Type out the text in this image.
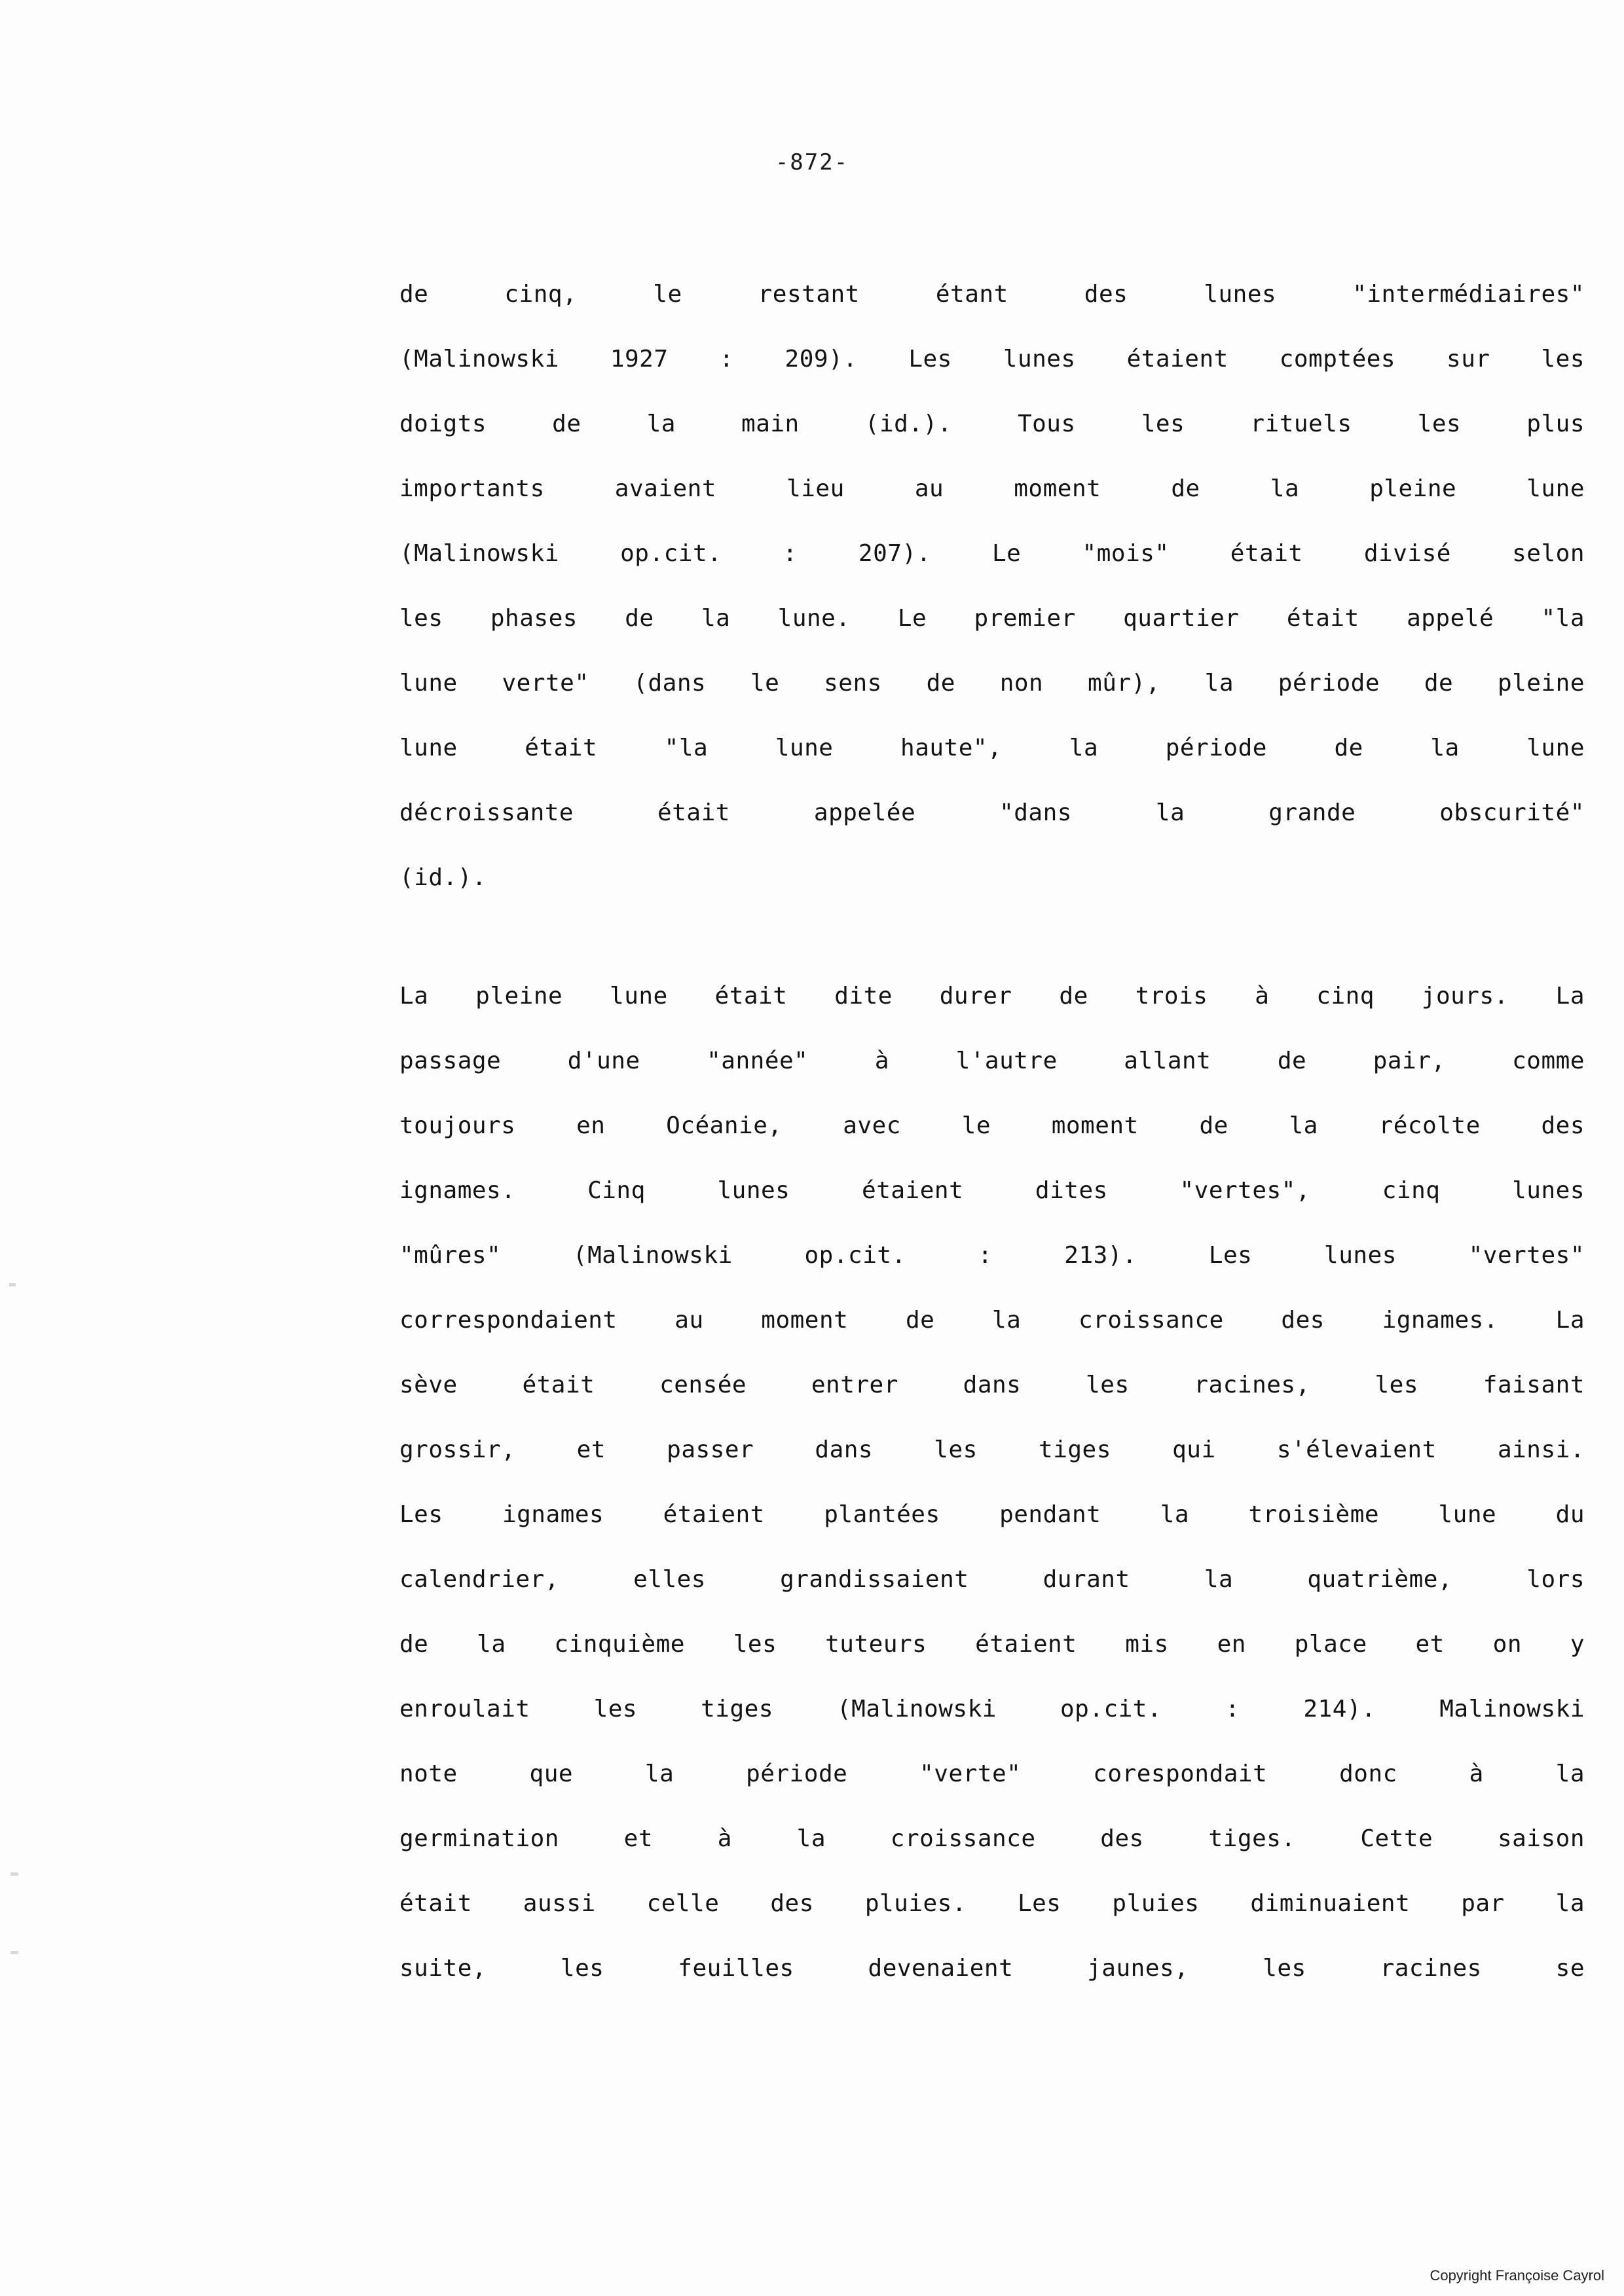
-872-
de cinq, le restant étant des lunes "intermédiaires"
(Malinowski 1927 : 209). Les lunes étaient comptées sur les
doigts de la main (id.). Tous les rituels les plus
importants avaient lieu au moment de la pleine lune
(Malinowski op.cit. : 207). Le "mois" était divisé selon
les phases de la lune. Le premier quartier était appelé "la
lune verte" (dans le sens de non mûr), la période de pleine
lune était "la lune haute", la période de la lune
décroissante était appelée "dans la grande obscurité"
(id.).
La pleine lune était dite durer de trois à cinq jours. La
passage d'une "année" à l'autre allant de pair, comme
toujours en Océanie, avec le moment de la récolte des
ignames. Cinq lunes étaient dites "vertes", cinq lunes
"mûres" (Malinowski op.cit. : 213). Les lunes "vertes"
correspondaient au moment de la croissance des ignames. La
sève était censée entrer dans les racines, les faisant
grossir, et passer dans les tiges qui s'élevaient ainsi.
Les ignames étaient plantées pendant la troisième lune du
calendrier, elles grandissaient durant la quatrième, lors
de la cinquième les tuteurs étaient mis en place et on y
enroulait les tiges (Malinowski op.cit. : 214). Malinowski
note que la période "verte" corespondait donc à la
germination et à la croissance des tiges. Cette saison
était aussi celle des pluies. Les pluies diminuaient par la
suite, les feuilles devenaient jaunes, les racines se
Copyright Françoise Cayrol
